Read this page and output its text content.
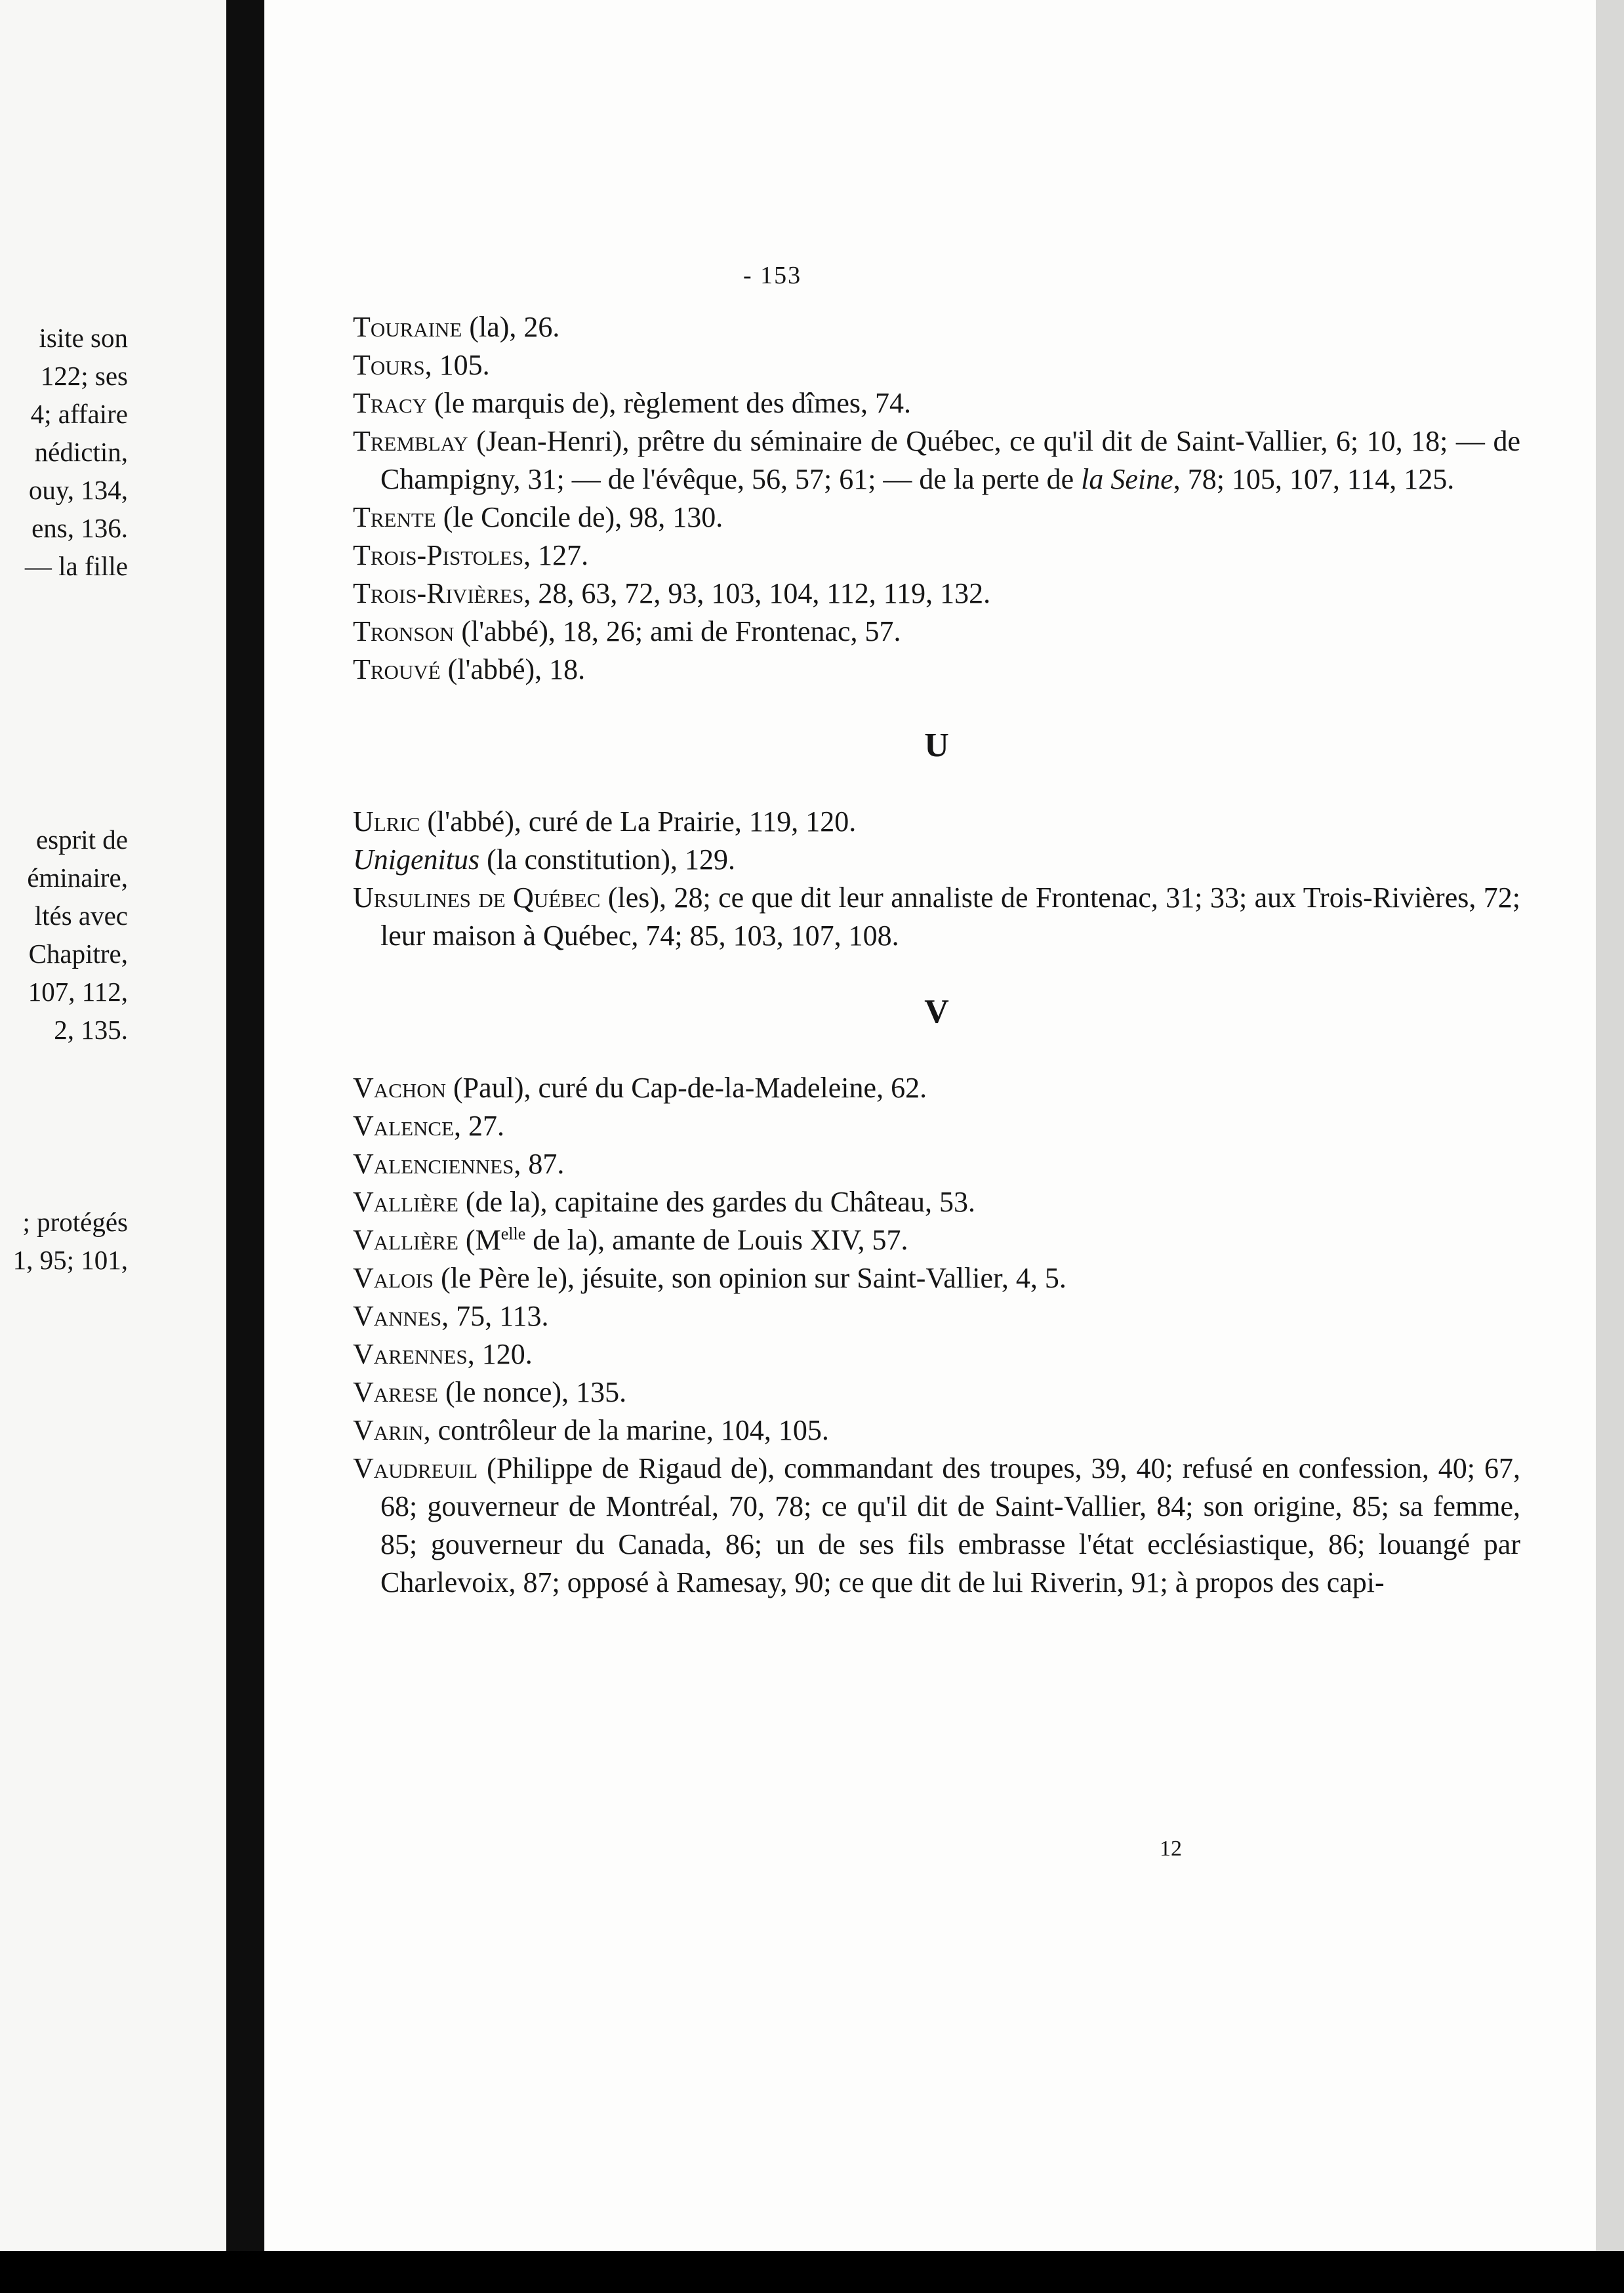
isite son
122; ses
4; affaire
nédictin,
ouy, 134,
ens, 136.
— la fille
esprit de
éminaire,
ltés avec
Chapitre,
107, 112,
2, 135.
; protégés
1, 95; 101,
- 153

Touraine (la), 26.

Tours, 105.

Tracy (le marquis de), règlement des dîmes, 74.

Tremblay (Jean-Henri), prêtre du séminaire de Québec, ce qu'il dit de Saint-Vallier, 6; 10, 18; — de Champigny, 31; — de l'évêque, 56, 57; 61; — de la perte de la Seine, 78; 105, 107, 114, 125.

Trente (le Concile de), 98, 130.

Trois-Pistoles, 127.

Trois-Rivières, 28, 63, 72, 93, 103, 104, 112, 119, 132.

Tronson (l'abbé), 18, 26; ami de Frontenac, 57.

Trouvé (l'abbé), 18.

U

Ulric (l'abbé), curé de La Prairie, 119, 120.

Unigenitus (la constitution), 129.

Ursulines de Québec (les), 28; ce que dit leur annaliste de Frontenac, 31; 33; aux Trois-Rivières, 72; leur maison à Québec, 74; 85, 103, 107, 108.

V

Vachon (Paul), curé du Cap-de-la-Madeleine, 62.

Valence, 27.

Valenciennes, 87.

Vallière (de la), capitaine des gardes du Château, 53.

Vallière ($M^{elle}$ de la), amante de Louis XIV, 57.

Valois (le Père le), jésuite, son opinion sur Saint-Vallier, 4, 5.

Vannes, 75, 113.

Varennes, 120.

Varese (le nonce), 135.

Varin, contrôleur de la marine, 104, 105.

Vaudreuil (Philippe de Rigaud de), commandant des troupes, 39, 40; refusé en confession, 40; 67, 68; gouverneur de Montréal, 70, 78; ce qu'il dit de Saint-Vallier, 84; son origine, 85; sa femme, 85; gouverneur du Canada, 86; un de ses fils embrasse l'état ecclésiastique, 86; louangé par Charlevoix, 87; opposé à Ramesay, 90; ce que dit de lui Riverin, 91; à propos des capi-

12
